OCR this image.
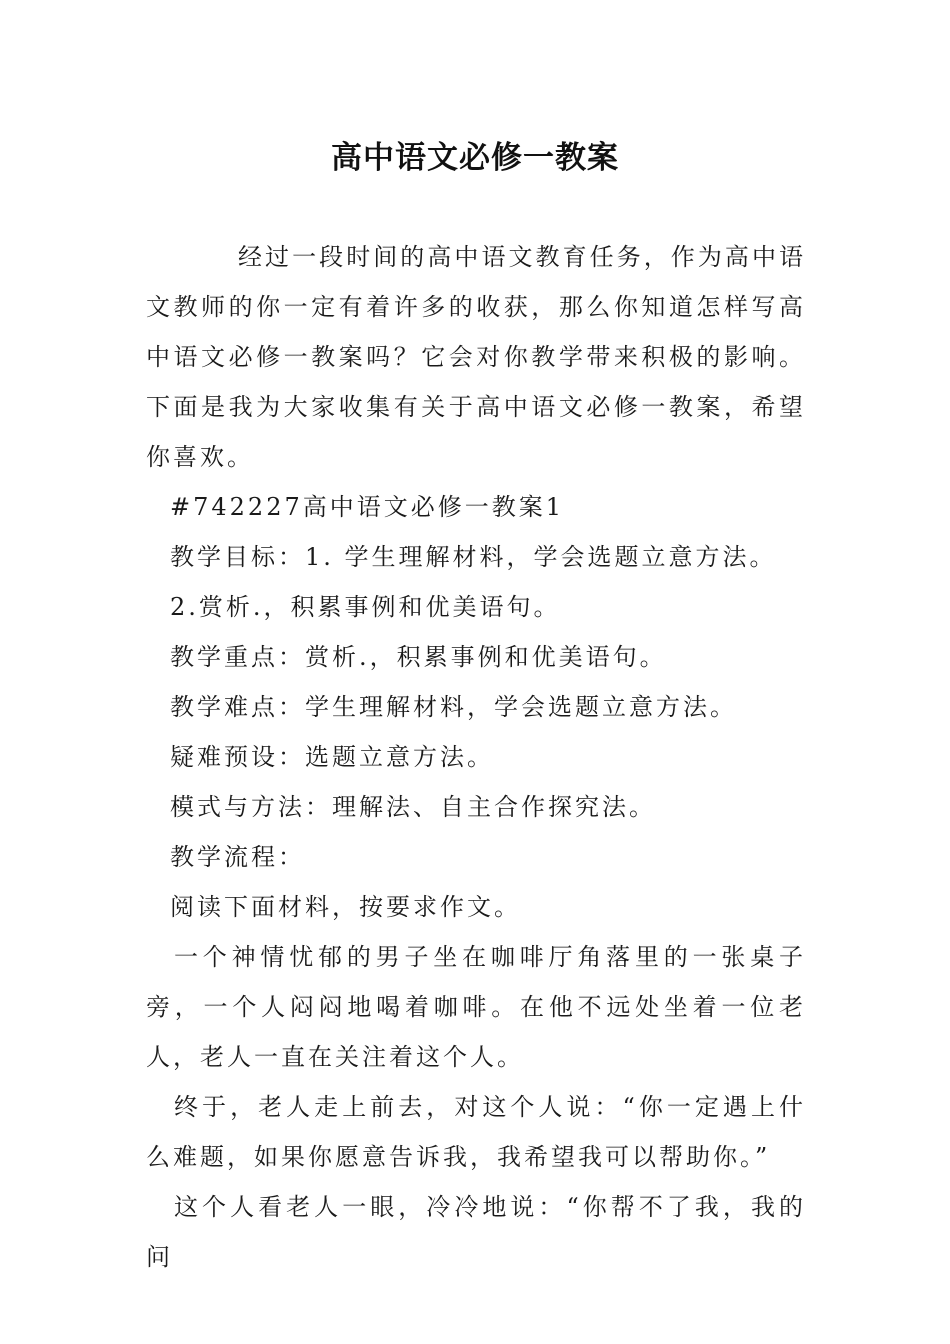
高中语文必修一教案

经过一段时间的高中语文教育任务，作为高中语文教师的你一定有着许多的收获，那么你知道怎样写高中语文必修一教案吗？它会对你教学带来积极的影响。下面是我为大家收集有关于高中语文必修一教案，希望你喜欢。

#742227高中语文必修一教案1

教学目标：1. 学生理解材料，学会选题立意方法。

2.赏析.，积累事例和优美语句。

教学重点：赏析.，积累事例和优美语句。

教学难点：学生理解材料，学会选题立意方法。

疑难预设：选题立意方法。

模式与方法：理解法、自主合作探究法。

教学流程：

阅读下面材料，按要求作文。

一个神情忧郁的男子坐在咖啡厅角落里的一张桌子旁，一个人闷闷地喝着咖啡。在他不远处坐着一位老人，老人一直在关注着这个人。

终于，老人走上前去，对这个人说：“你一定遇上什么难题，如果你愿意告诉我，我希望我可以帮助你。”

这个人看老人一眼，冷冷地说：“你帮不了我，我的问
